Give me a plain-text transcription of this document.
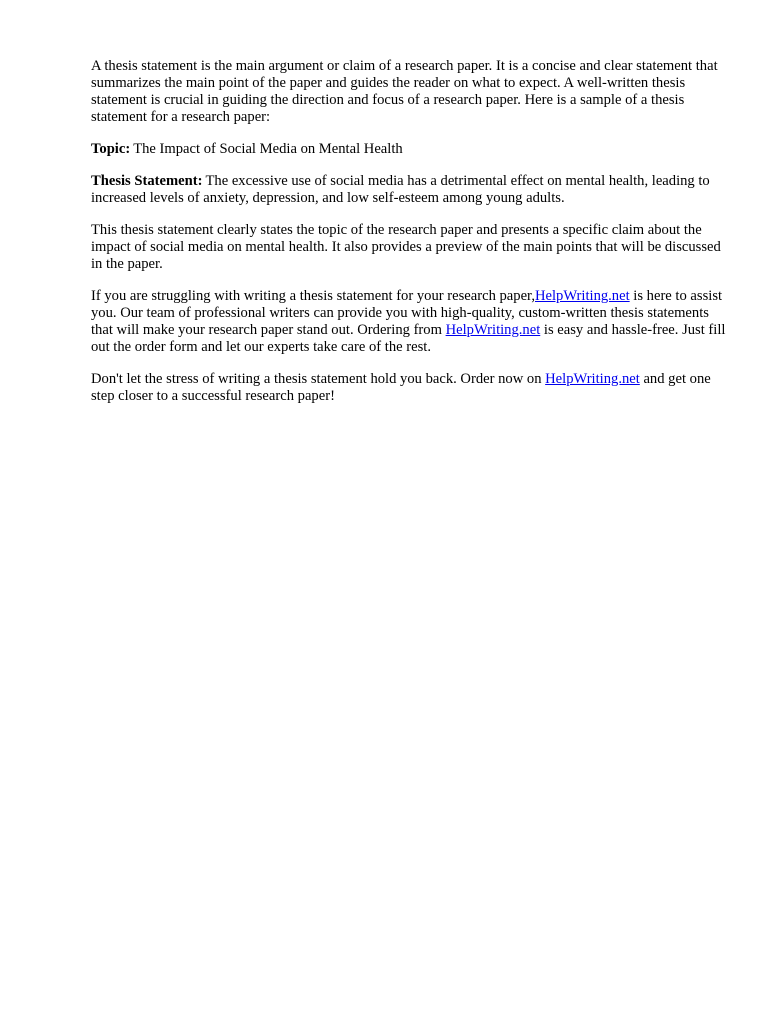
A thesis statement is the main argument or claim of a research paper. It is a concise and clear statement that summarizes the main point of the paper and guides the reader on what to expect. A well-written thesis statement is crucial in guiding the direction and focus of a research paper. Here is a sample of a thesis statement for a research paper:

Topic: The Impact of Social Media on Mental Health

Thesis Statement: The excessive use of social media has a detrimental effect on mental health, leading to increased levels of anxiety, depression, and low self-esteem among young adults.

This thesis statement clearly states the topic of the research paper and presents a specific claim about the impact of social media on mental health. It also provides a preview of the main points that will be discussed in the paper.

If you are struggling with writing a thesis statement for your research paper,HelpWriting.net is here to assist you. Our team of professional writers can provide you with high-quality, custom-written thesis statements that will make your research paper stand out. Ordering from HelpWriting.net is easy and hassle-free. Just fill out the order form and let our experts take care of the rest.

Don't let the stress of writing a thesis statement hold you back. Order now on HelpWriting.net and get one step closer to a successful research paper!
